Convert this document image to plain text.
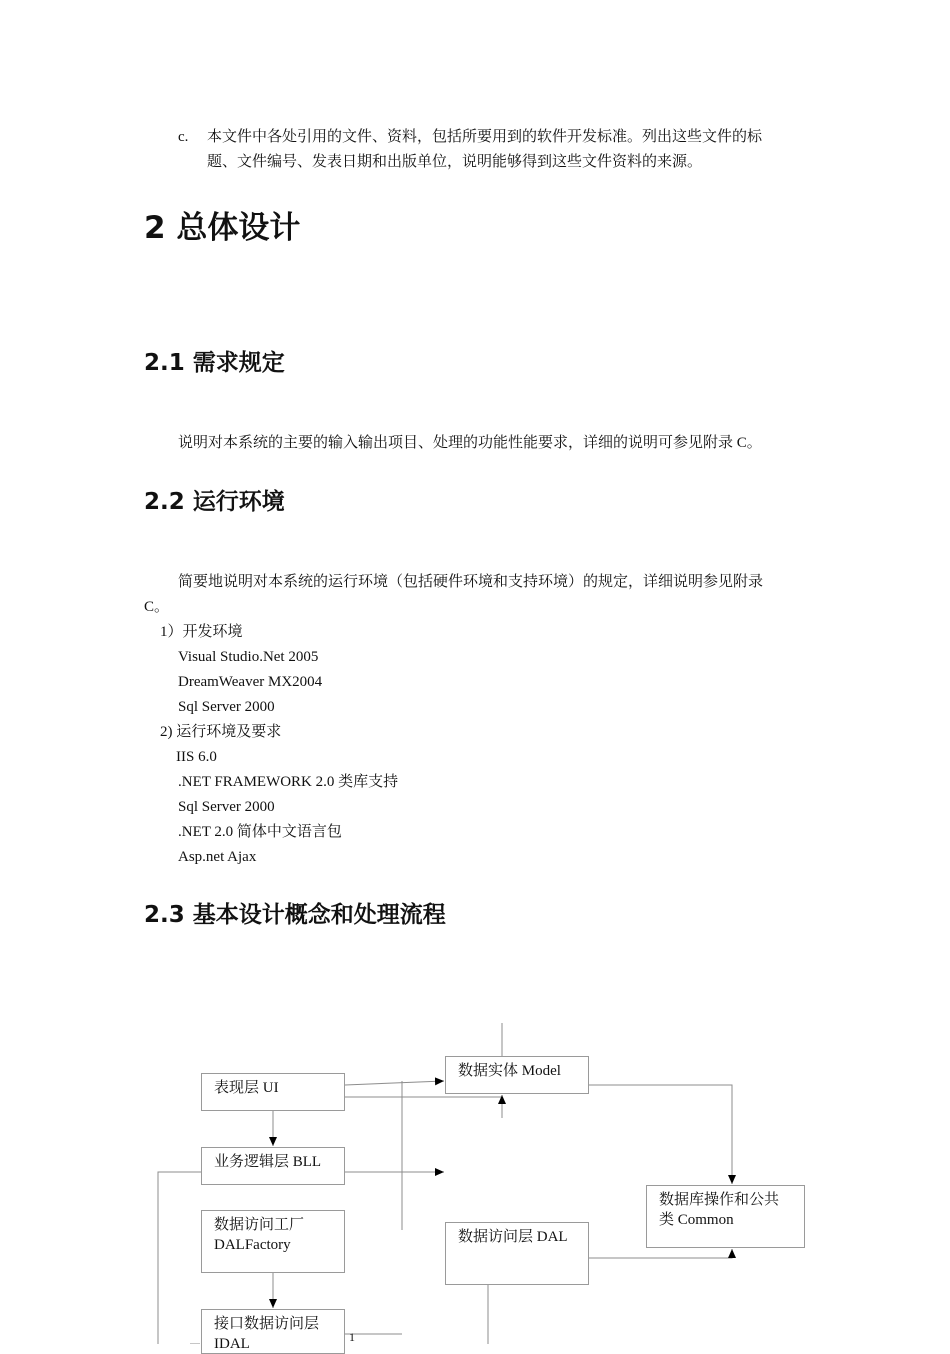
c. 本文件中各处引用的文件、资料，包括所要用到的软件开发标准。列出这些文件的标
题、文件编号、发表日期和出版单位，说明能够得到这些文件资料的来源。
2 总体设计
2.1 需求规定
说明对本系统的主要的输入输出项目、处理的功能性能要求，详细的说明可参见附录 C。
2.2 运行环境
简要地说明对本系统的运行环境（包括硬件环境和支持环境）的规定，详细说明参见附录
C。
1）开发环境
Visual Studio.Net 2005
DreamWeaver MX2004
Sql Server 2000
2) 运行环境及要求
IIS 6.0
.NET FRAMEWORK 2.0 类库支持
Sql Server 2000
.NET 2.0 简体中文语言包
Asp.net Ajax
2.3 基本设计概念和处理流程
表现层 UI
数据实体 Model
业务逻辑层 BLL
数据库操作和公共
类 Common
数据访问工厂
DALFactory	数据访问层 DAL
接口数据访问层
IDAL	1
